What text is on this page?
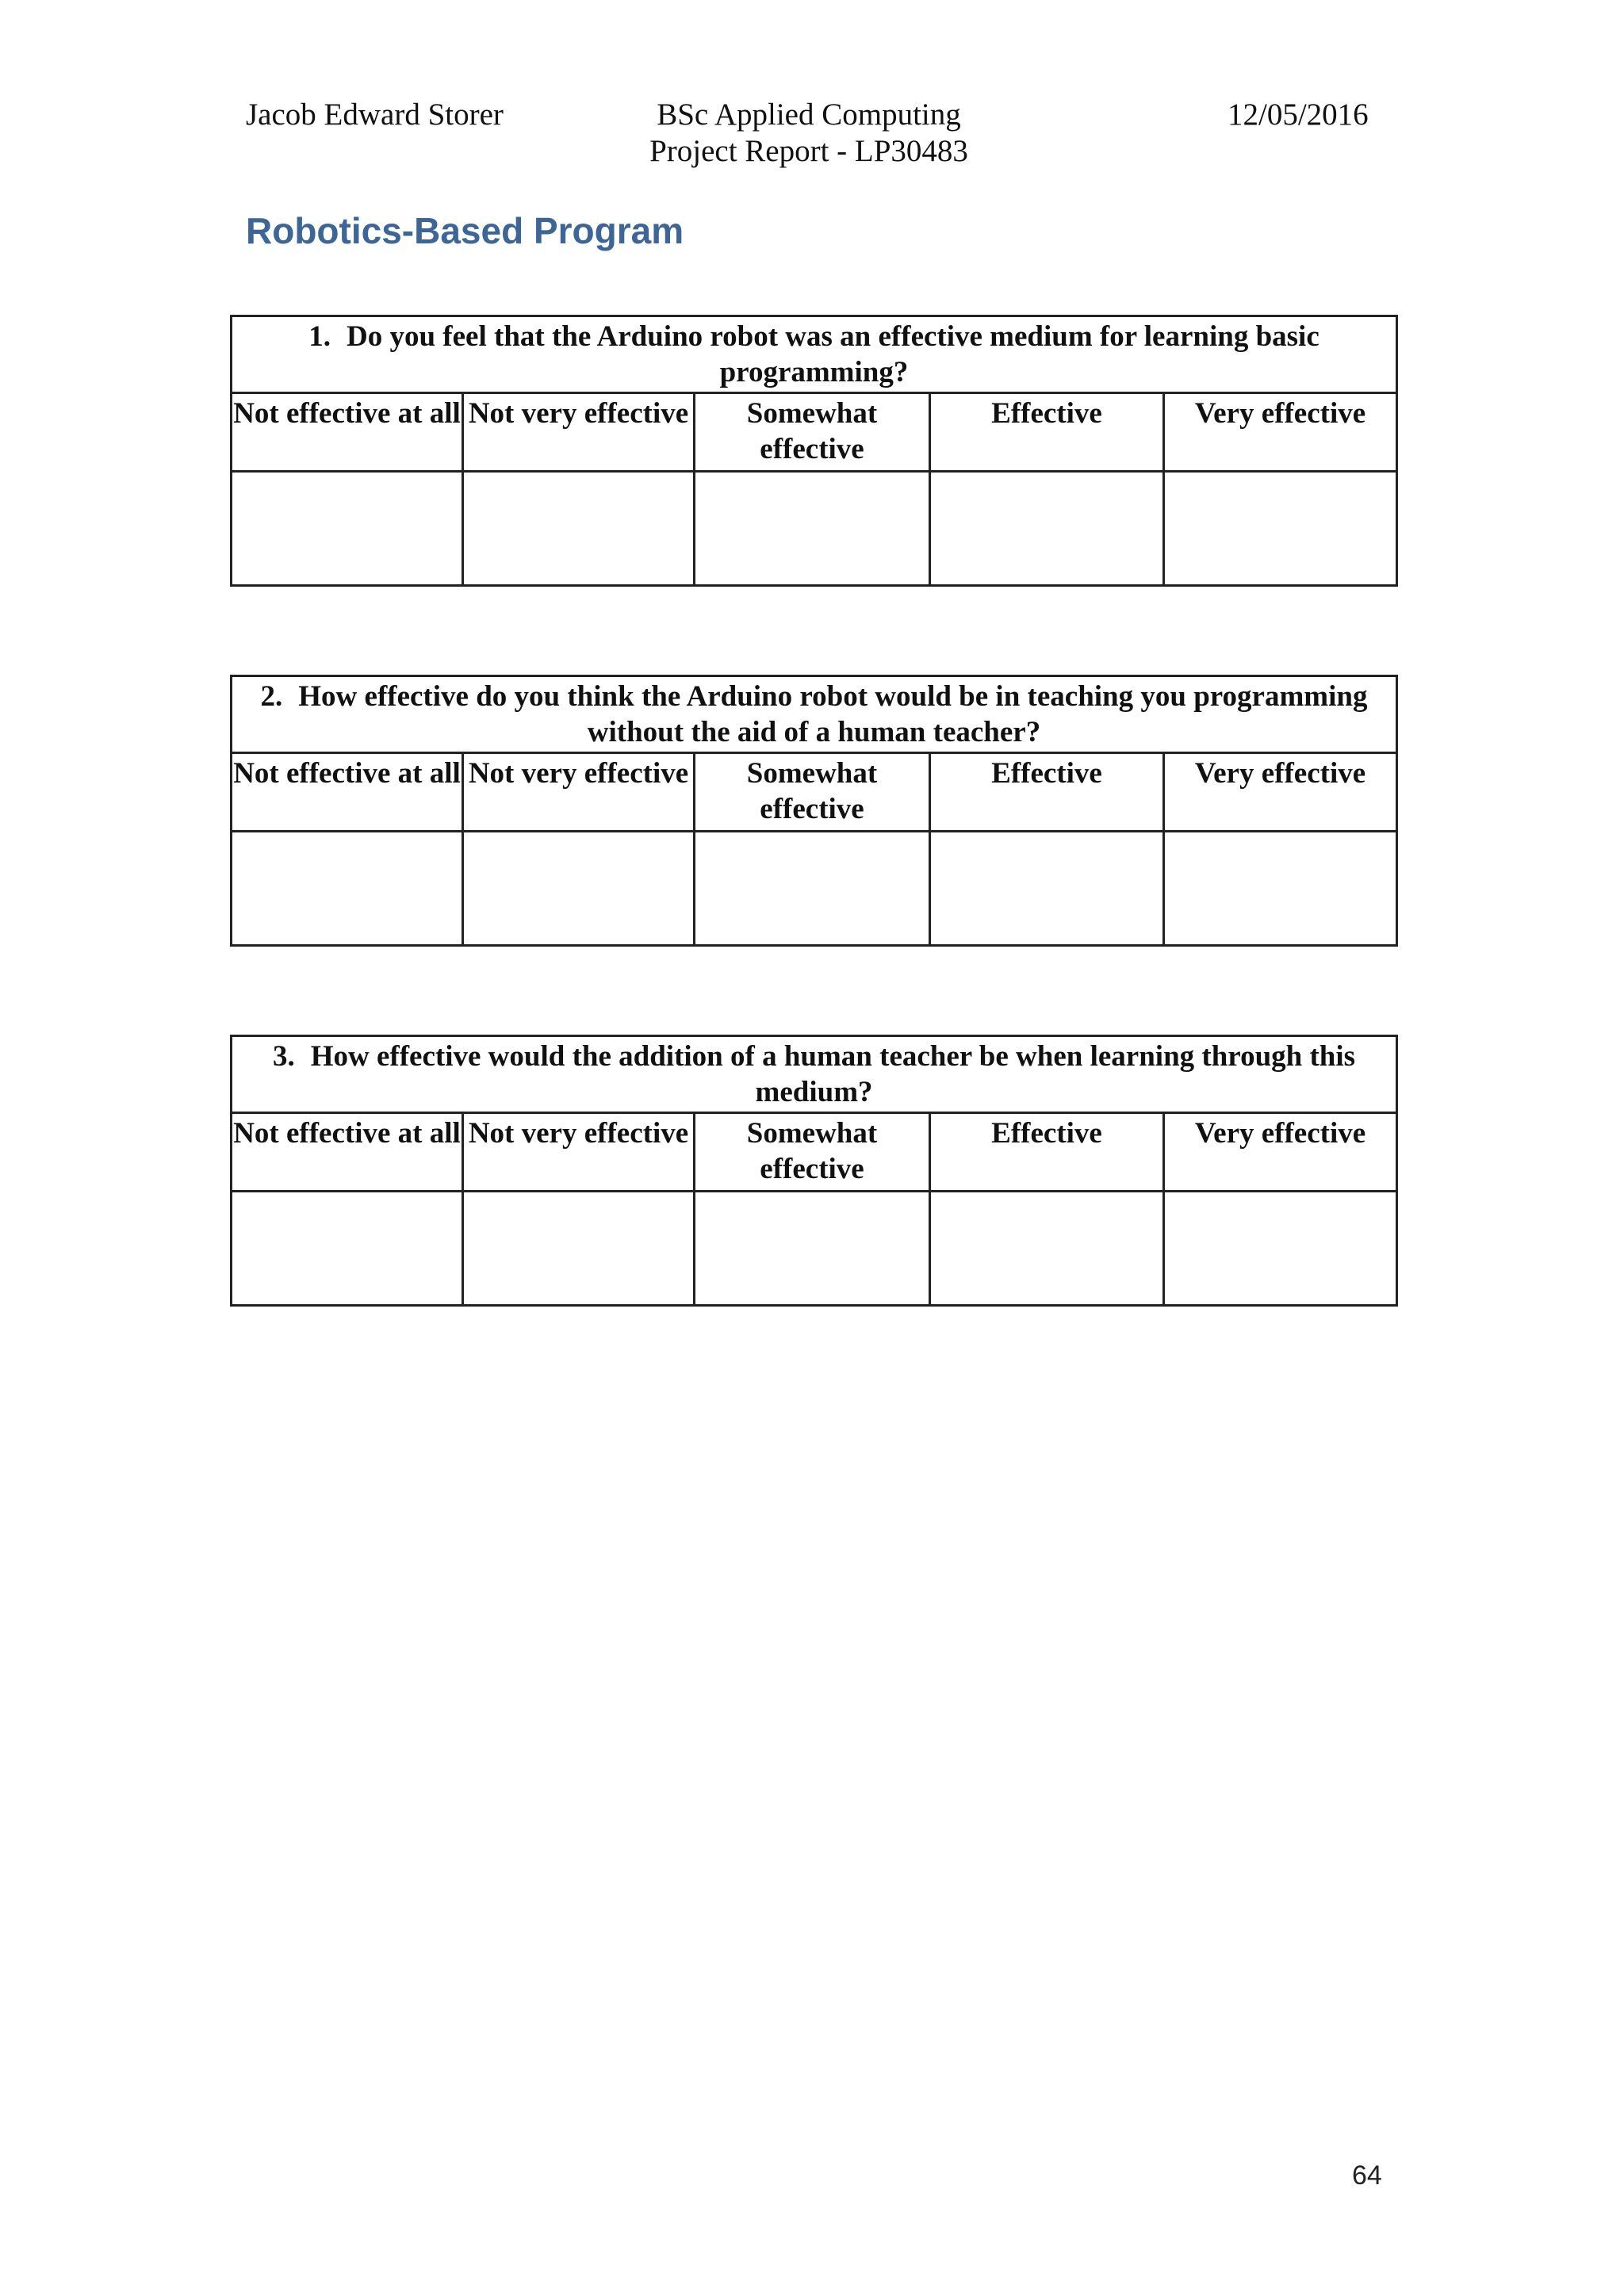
Jacob Edward Storer	BSc Applied Computing
Project Report - LP30483
12/05/2016
Robotics-Based Program
1. Do you feel that the Arduino robot was an effective medium for learning basic programming?				
Not effective at all	Not very effective	Somewhat effective	Effective	Very effective

2. How effective do you think the Arduino robot would be in teaching you programming without the aid of a human teacher?				
Not effective at all	Not very effective	Somewhat effective	Effective	Very effective

3. How effective would the addition of a human teacher be when learning through this medium?				
Not effective at all	Not very effective	Somewhat effective	Effective	Very effective

64
